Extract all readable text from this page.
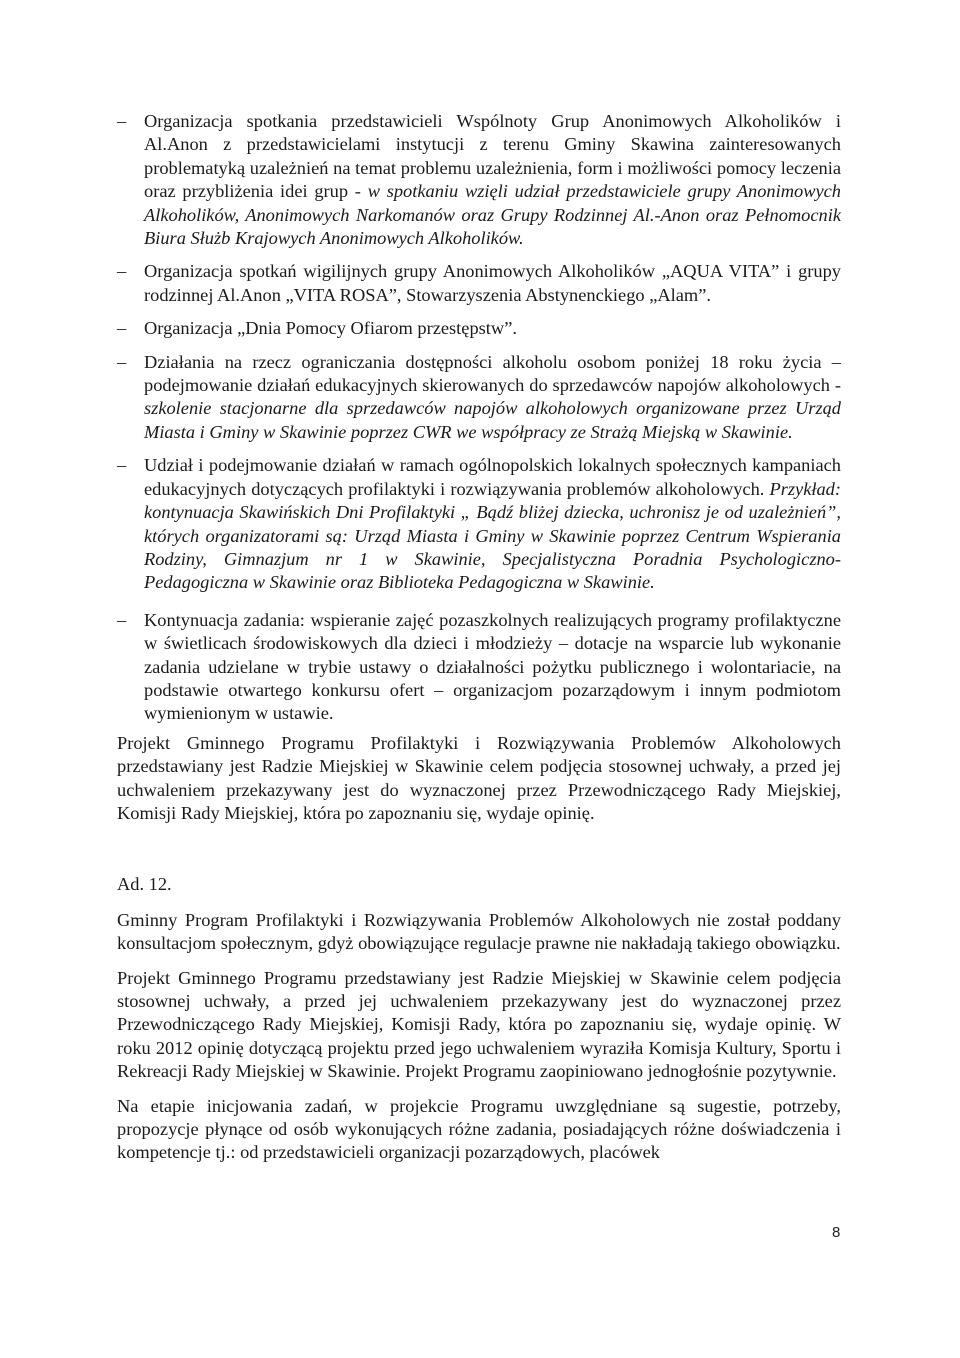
– Organizacja spotkania przedstawicieli Wspólnoty Grup Anonimowych Alkoholików i Al.Anon z przedstawicielami instytucji z terenu Gminy Skawina zainteresowanych problematyką uzależnień na temat problemu uzależnienia, form i możliwości pomocy leczenia oraz przybliżenia idei grup - w spotkaniu wzięli udział przedstawiciele grupy Anonimowych Alkoholików, Anonimowych Narkomanów oraz Grupy Rodzinnej Al.-Anon oraz Pełnomocnik Biura Służb Krajowych Anonimowych Alkoholików.
– Organizacja spotkań wigilijnych grupy Anonimowych Alkoholików „AQUA VITA” i grupy rodzinnej Al.Anon „VITA ROSA”, Stowarzyszenia Abstynenckiego „Alam”.
– Organizacja „Dnia Pomocy Ofiarom przestępstw”.
– Działania na rzecz ograniczania dostępności alkoholu osobom poniżej 18 roku życia – podejmowanie działań edukacyjnych skierowanych do sprzedawców napojów alkoholowych - szkolenie stacjonarne dla sprzedawców napojów alkoholowych organizowane przez Urząd Miasta i Gminy w Skawinie poprzez CWR we współpracy ze Strażą Miejską w Skawinie.
– Udział i podejmowanie działań w ramach ogólnopolskich lokalnych społecznych kampaniach edukacyjnych dotyczących profilaktyki i rozwiązywania problemów alkoholowych. Przykład: kontynuacja Skawińskich Dni Profilaktyki „ Bądź bliżej dziecka, uchronisz je od uzależnień”, których organizatorami są: Urząd Miasta i Gminy w Skawinie poprzez Centrum Wspierania Rodziny, Gimnazjum nr 1 w Skawinie, Specjalistyczna Poradnia Psychologiczno-Pedagogiczna w Skawinie oraz Biblioteka Pedagogiczna w Skawinie.
– Kontynuacja zadania: wspieranie zajęć pozaszkolnych realizujących programy profilaktyczne w świetlicach środowiskowych dla dzieci i młodzieży – dotacje na wsparcie lub wykonanie zadania udzielane w trybie ustawy o działalności pożytku publicznego i wolontariacie, na podstawie otwartego konkursu ofert – organizacjom pozarządowym i innym podmiotom wymienionym w ustawie.

Projekt Gminnego Programu Profilaktyki i Rozwiązywania Problemów Alkoholowych przedstawiany jest Radzie Miejskiej w Skawinie celem podjęcia stosownej uchwały, a przed jej uchwaleniem przekazywany jest do wyznaczonej przez Przewodniczącego Rady Miejskiej, Komisji Rady Miejskiej, która po zapoznaniu się, wydaje opinię.

Ad. 12.

Gminny Program Profilaktyki i Rozwiązywania Problemów Alkoholowych nie został poddany konsultacjom społecznym, gdyż obowiązujące regulacje prawne nie nakładają takiego obowiązku.

Projekt Gminnego Programu przedstawiany jest Radzie Miejskiej w Skawinie celem podjęcia stosownej uchwały, a przed jej uchwaleniem przekazywany jest do wyznaczonej przez Przewodniczącego Rady Miejskiej, Komisji Rady, która po zapoznaniu się, wydaje opinię. W roku 2012 opinię dotyczącą projektu przed jego uchwaleniem wyraziła Komisja Kultury, Sportu i Rekreacji Rady Miejskiej w Skawinie. Projekt Programu zaopiniowano jednogłośnie pozytywnie.

Na etapie inicjowania zadań, w projekcie Programu uwzględniane są sugestie, potrzeby, propozycje płynące od osób wykonujących różne zadania, posiadających różne doświadczenia i kompetencje tj.: od przedstawicieli organizacji pozarządowych, placówek

8
